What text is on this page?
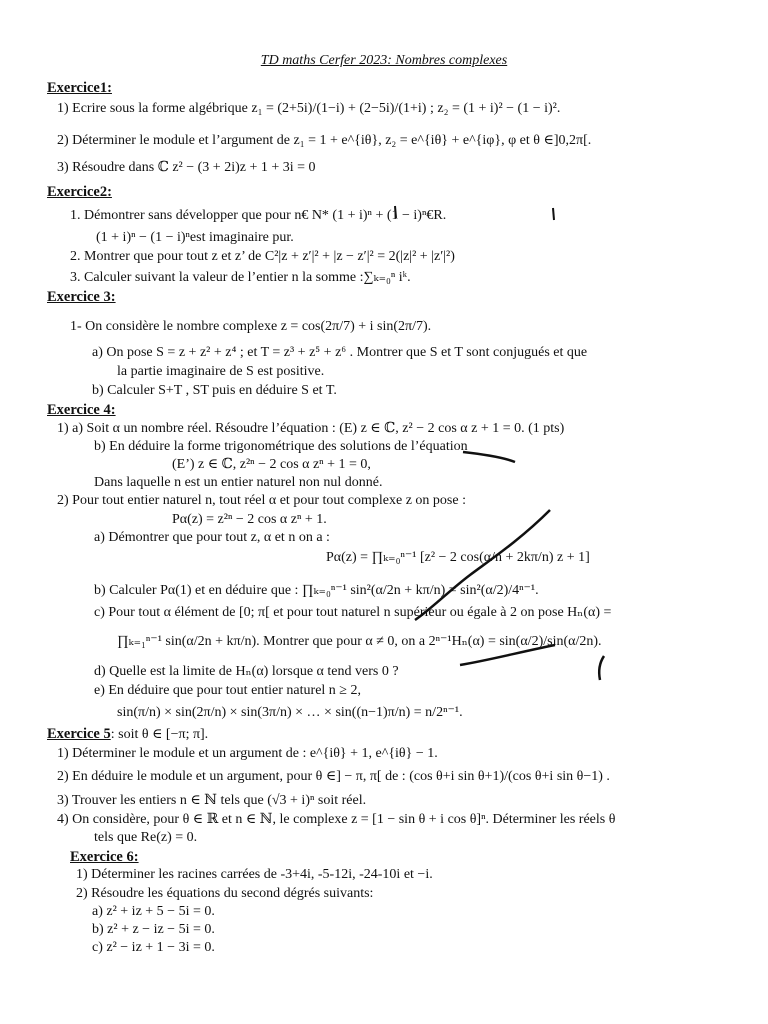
TD maths Cerfer 2023: Nombres complexes
Exercice1:
1) Ecrire sous la forme algébrique z₁ = (2+5i)/(1−i) + (2−5i)/(1+i) ; z₂ = (1 + i)² − (1 − i)².
2) Déterminer le module et l’argument de z₁ = 1 + e^{iθ}, z₂ = e^{iθ} + e^{iφ}, φ et θ ∈]0,2π[.
3) Résoudre dans ℂ z² − (3 + 2i)z + 1 + 3i = 0
Exercice2:
1. Démontrer sans développer que pour n€ N* (1 + i)ⁿ + (1 − i)ⁿ€R.
(1 + i)ⁿ − (1 − i)ⁿest imaginaire pur.
2. Montrer que pour tout z et z’ de C²|z + z′|² + |z − z′|² = 2(|z|² + |z′|²)
3. Calculer suivant la valeur de l’entier n la somme :∑ₖ₌₀ⁿ iᵏ.
Exercice 3:
1- On considère le nombre complexe z = cos(2π/7) + i sin(2π/7).
a) On pose S = z + z² + z⁴ ; et T = z³ + z⁵ + z⁶ . Montrer que S et T sont conjugués et que
la partie imaginaire de S est positive.
b) Calculer S+T , ST puis en déduire S et T.
Exercice 4:
1) a) Soit α un nombre réel. Résoudre l’équation : (E) z ∈ ℂ, z² − 2 cos α z + 1 = 0. (1 pts)
b) En déduire la forme trigonométrique des solutions de l’équation
(E’) z ∈ ℂ, z²ⁿ − 2 cos α zⁿ + 1 = 0,
Dans laquelle n est un entier naturel non nul donné.
2) Pour tout entier naturel n, tout réel α et pour tout complexe z on pose :
Pα(z) = z²ⁿ − 2 cos α zⁿ + 1.
a) Démontrer que pour tout z, α et n on a :
Pα(z) = ∏ₖ₌₀ⁿ⁻¹ [z² − 2 cos(α/n + 2kπ/n) z + 1]
b) Calculer Pα(1) et en déduire que : ∏ₖ₌₀ⁿ⁻¹ sin²(α/2n + kπ/n) = sin²(α/2)/4ⁿ⁻¹.
c) Pour tout α élément de [0; π[ et pour tout naturel n supérieur ou égale à 2 on pose Hₙ(α) =
∏ₖ₌₁ⁿ⁻¹ sin(α/2n + kπ/n). Montrer que pour α ≠ 0, on a 2ⁿ⁻¹Hₙ(α) = sin(α/2)/sin(α/2n).
d) Quelle est la limite de Hₙ(α) lorsque α tend vers 0 ?
e) En déduire que pour tout entier naturel n ≥ 2,
sin(π/n) × sin(2π/n) × sin(3π/n) × … × sin((n−1)π/n) = n/2ⁿ⁻¹.
Exercice 5: soit θ ∈ [−π; π].
1) Déterminer le module et un argument de : e^{iθ} + 1, e^{iθ} − 1.
2) En déduire le module et un argument, pour θ ∈] − π, π[ de : (cos θ+i sin θ+1)/(cos θ+i sin θ−1) .
3) Trouver les entiers n ∈ ℕ tels que (√3 + i)ⁿ soit réel.
4) On considère, pour θ ∈ ℝ et n ∈ ℕ, le complexe z = [1 − sin θ + i cos θ]ⁿ. Déterminer les réels θ
tels que Re(z) = 0.
Exercice 6:
1) Déterminer les racines carrées de -3+4i, -5-12i, -24-10i et −i.
2) Résoudre les équations du second dégrés suivants:
a) z² + iz + 5 − 5i = 0.
b) z² + z − iz − 5i = 0.
c) z² − iz + 1 − 3i = 0.
